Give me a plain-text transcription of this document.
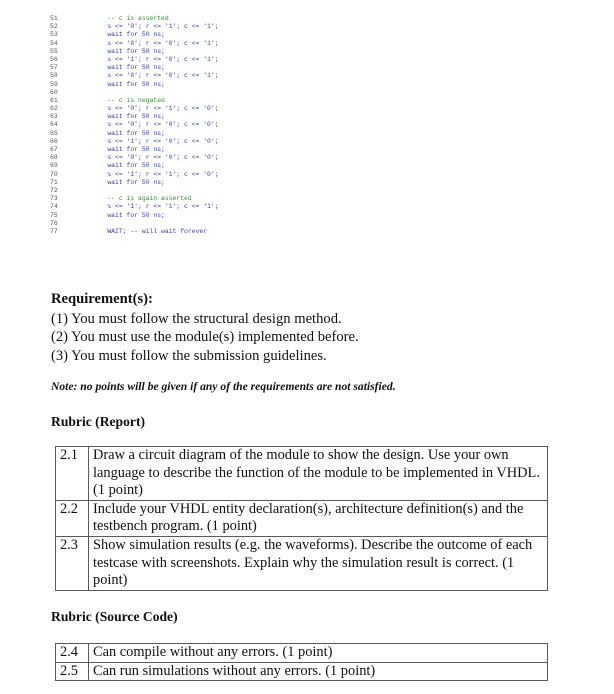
51	-- c is asserted
52	s <= '0'; r <= '1'; c <= '1';
53	wait for 50 ns;
54	s <= '0'; r <= '0'; c <= '1';
55	wait for 50 ns;
56	s <= '1'; r <= '0'; c <= '1';
57	wait for 50 ns;
58	s <= '0'; r <= '0'; c <= '1';
59	wait for 50 ns;
60
61	-- c is negated
62	s <= '0'; r <= '1'; c <= '0';
63	wait for 50 ns;
64	s <= '0'; r <= '0'; c <= '0';
65	wait for 50 ns;
66	s <= '1'; r <= '0'; c <= '0';
67	wait for 50 ns;
68	s <= '0'; r <= '0'; c <= '0';
69	wait for 50 ns;
70	s <= '1'; r <= '1'; c <= '0';
71	wait for 50 ns;
72
73	-- c is again asserted
74	s <= '1'; r <= '1'; c <= '1';
75	wait for 50 ns;
76
77	WAIT; -- will wait forever
Requirement(s):
(1) You must follow the structural design method.
(2) You must use the module(s) implemented before.
(3) You must follow the submission guidelines.
Note: no points will be given if any of the requirements are not satisfied.
Rubric (Report)
2.1	Draw a circuit diagram of the module to show the design. Use your own language to describe the function of the module to be implemented in VHDL. (1 point)
2.2	Include your VHDL entity declaration(s), architecture definition(s) and the testbench program. (1 point)
2.3	Show simulation results (e.g. the waveforms). Describe the outcome of each testcase with screenshots. Explain why the simulation result is correct. (1 point)
Rubric (Source Code)
2.4	Can compile without any errors. (1 point)
2.5	Can run simulations without any errors. (1 point)
